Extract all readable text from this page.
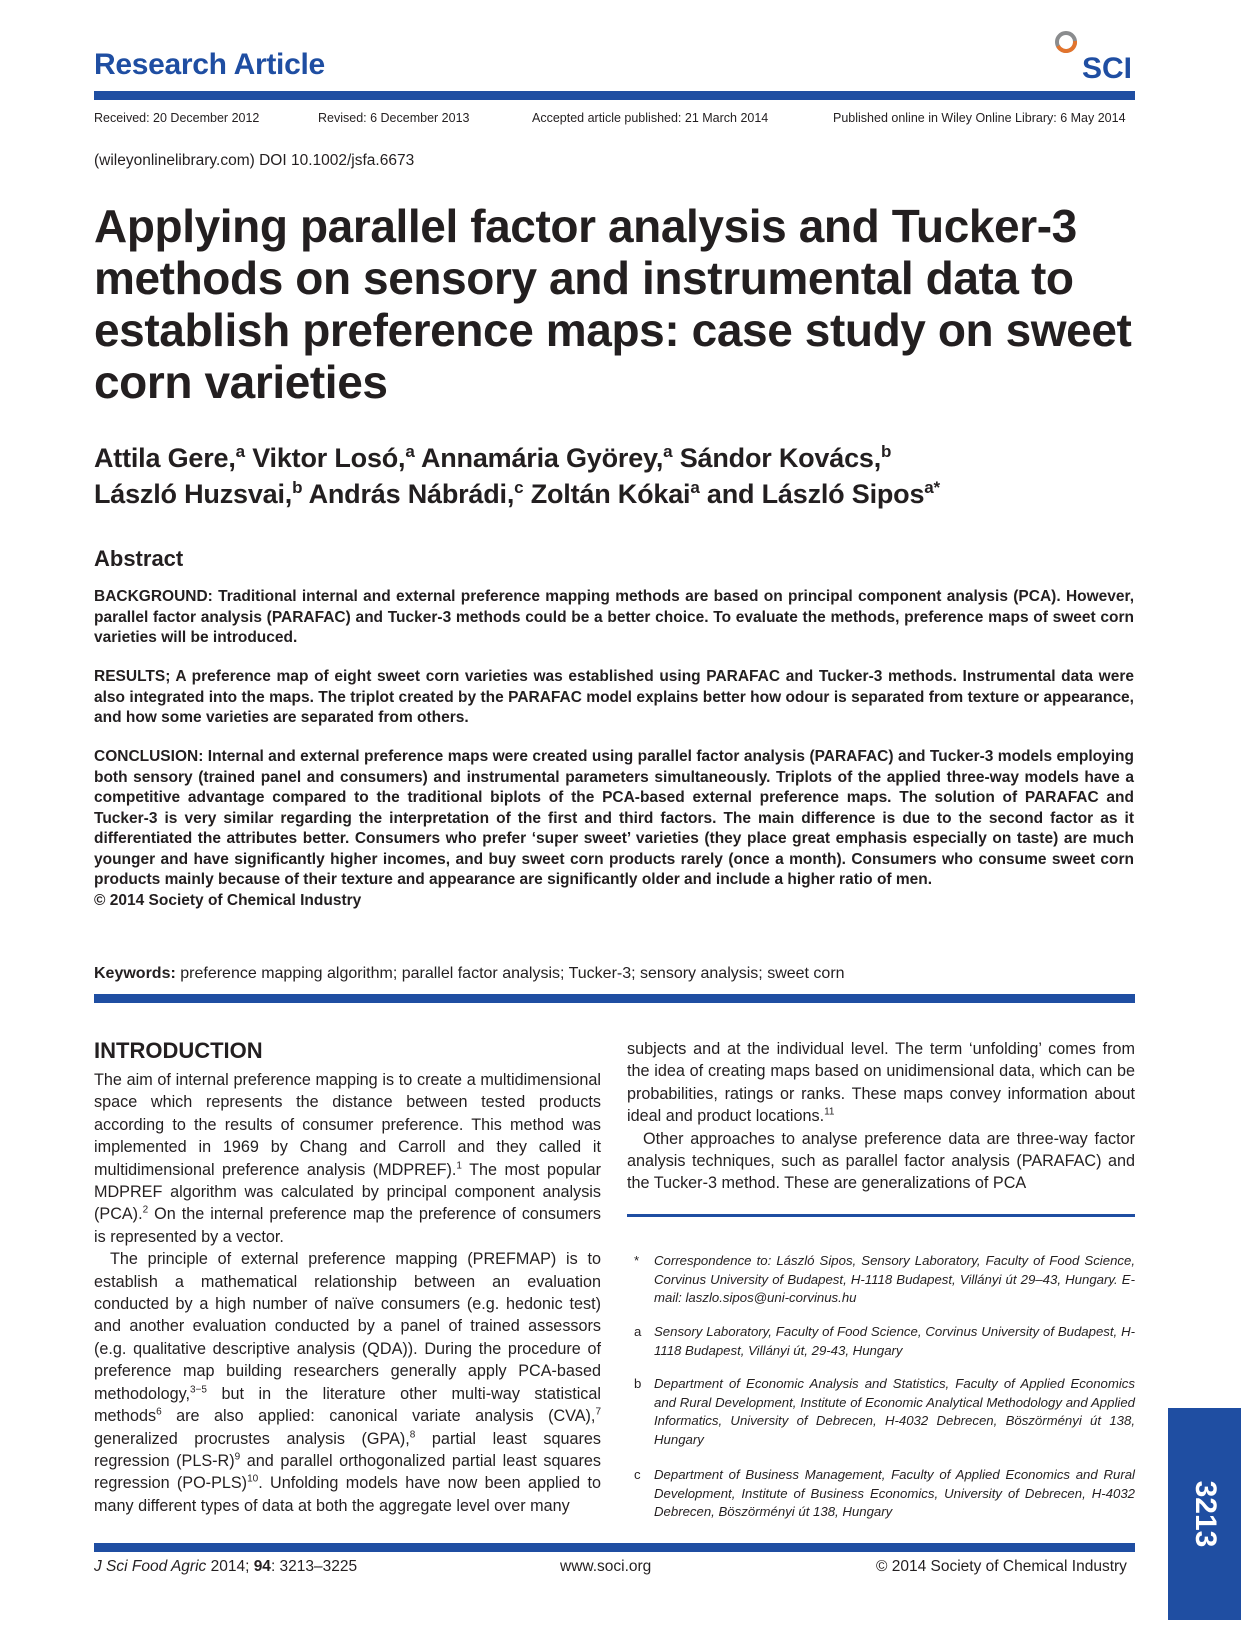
Research Article	SCI
Received: 20 December 2012	Revised: 6 December 2013	Accepted article published: 21 March 2014	Published online in Wiley Online Library: 6 May 2014
(wileyonlinelibrary.com) DOI 10.1002/jsfa.6673
Applying parallel factor analysis and Tucker-3 methods on sensory and instrumental data to establish preference maps: case study on sweet corn varieties
Attila Gere,$^a$ Viktor Losó,$^a$ Annamária Györey,$^a$ Sándor Kovács,$^b$
László Huzsvai,$^b$ András Nábrádi,$^c$ Zoltán Kókai$^a$ and László Sipos$^{a*}$
Abstract

BACKGROUND: Traditional internal and external preference mapping methods are based on principal component analysis (PCA). However, parallel factor analysis (PARAFAC) and Tucker-3 methods could be a better choice. To evaluate the methods, preference maps of sweet corn varieties will be introduced.

RESULTS; A preference map of eight sweet corn varieties was established using PARAFAC and Tucker-3 methods. Instrumental data were also integrated into the maps. The triplot created by the PARAFAC model explains better how odour is separated from texture or appearance, and how some varieties are separated from others.

CONCLUSION: Internal and external preference maps were created using parallel factor analysis (PARAFAC) and Tucker-3 models employing both sensory (trained panel and consumers) and instrumental parameters simultaneously. Triplots of the applied three-way models have a competitive advantage compared to the traditional biplots of the PCA-based external preference maps. The solution of PARAFAC and Tucker-3 is very similar regarding the interpretation of the first and third factors. The main difference is due to the second factor as it differentiated the attributes better. Consumers who prefer ‘super sweet’ varieties (they place great emphasis especially on taste) are much younger and have significantly higher incomes, and buy sweet corn products rarely (once a month). Consumers who consume sweet corn products mainly because of their texture and appearance are significantly older and include a higher ratio of men.
© 2014 Society of Chemical Industry

Keywords: preference mapping algorithm; parallel factor analysis; Tucker-3; sensory analysis; sweet corn
INTRODUCTION

The aim of internal preference mapping is to create a multidimensional space which represents the distance between tested products according to the results of consumer preference. This method was implemented in 1969 by Chang and Carroll and they called it multidimensional preference analysis (MDPREF).$^1$ The most popular MDPREF algorithm was calculated by principal component analysis (PCA).$^2$ On the internal preference map the preference of consumers is represented by a vector.

The principle of external preference mapping (PREFMAP) is to establish a mathematical relationship between an evaluation conducted by a high number of naïve consumers (e.g. hedonic test) and another evaluation conducted by a panel of trained assessors (e.g. qualitative descriptive analysis (QDA)). During the procedure of preference map building researchers generally apply PCA-based methodology,$^{3-5}$ but in the literature other multi-way statistical methods$^6$ are also applied: canonical variate analysis (CVA),$^7$ generalized procrustes analysis (GPA),$^8$ partial least squares regression $(PLS-R)^9$ and parallel orthogonalized partial least squares regression $(PO-PLS)^{10}$. Unfolding models have now been applied to many different types of data at both the aggregate level over many

subjects and at the individual level. The term ‘unfolding’ comes from the idea of creating maps based on unidimensional data, which can be probabilities, ratings or ranks. These maps convey information about ideal and product locations.$^{11}$

Other approaches to analyse preference data are three-way factor analysis techniques, such as parallel factor analysis (PARAFAC) and the Tucker-3 method. These are generalizations of PCA

* Correspondence to: László Sipos, Sensory Laboratory, Faculty of Food Science, Corvinus University of Budapest, H-1118 Budapest, Villányi út 29–43, Hungary. E-mail: laszlo.sipos@uni-corvinus.hu
a Sensory Laboratory, Faculty of Food Science, Corvinus University of Budapest, H-1118 Budapest, Villányi út, 29-43, Hungary
b Department of Economic Analysis and Statistics, Faculty of Applied Economics and Rural Development, Institute of Economic Analytical Methodology and Applied Informatics, University of Debrecen, H-4032 Debrecen, Böszörményi út 138, Hungary
c Department of Business Management, Faculty of Applied Economics and Rural Development, Institute of Business Economics, University of Debrecen, H-4032 Debrecen, Böszörményi út 138, Hungary
J Sci Food Agric 2014; 94: 3213–3225	www.soci.org	© 2014 Society of Chemical Industry
3213
